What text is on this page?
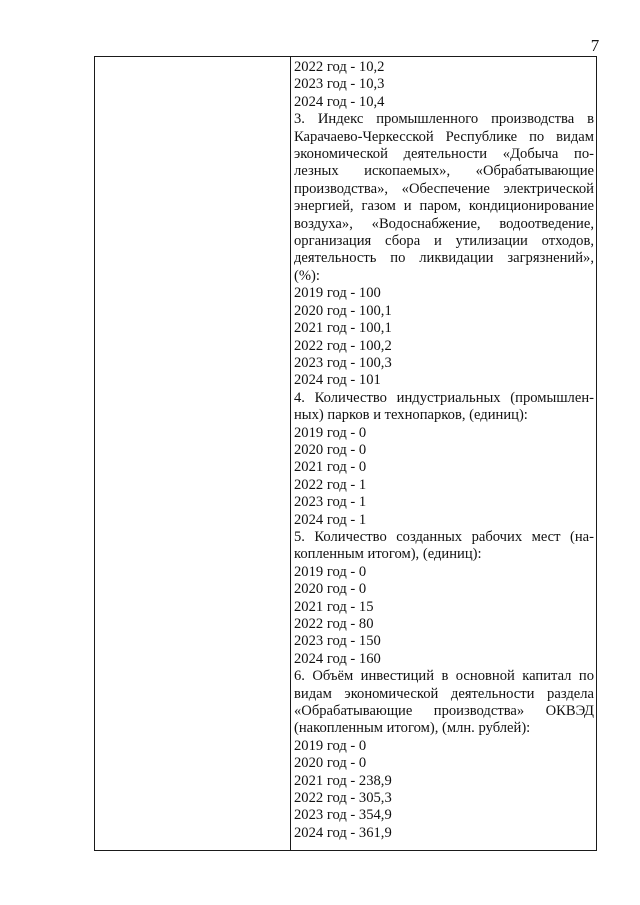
7
2022 год - 10,2
2023 год - 10,3
2024 год - 10,4
3. Индекс промышленного производства в
Карачаево-Черкесской Республике по видам
экономической деятельности «Добыча по-
лезных ископаемых», «Обрабатывающие
производства», «Обеспечение электрической
энергией, газом и паром, кондиционирование
воздуха», «Водоснабжение, водоотведение,
организация сбора и утилизации отходов,
деятельность по ликвидации загрязнений»,
(%):
2019 год - 100
2020 год - 100,1
2021 год - 100,1
2022 год - 100,2
2023 год - 100,3
2024 год - 101
4. Количество индустриальных (промышлен-
ных) парков и технопарков, (единиц):
2019 год - 0
2020 год - 0
2021 год - 0
2022 год - 1
2023 год - 1
2024 год - 1
5. Количество созданных рабочих мест (на-
копленным итогом), (единиц):
2019 год - 0
2020 год - 0
2021 год - 15
2022 год - 80
2023 год - 150
2024 год - 160
6. Объём инвестиций в основной капитал по
видам экономической деятельности раздела
«Обрабатывающие производства» ОКВЭД
(накопленным итогом), (млн. рублей):
2019 год - 0
2020 год - 0
2021 год - 238,9
2022 год - 305,3
2023 год - 354,9
2024 год - 361,9
